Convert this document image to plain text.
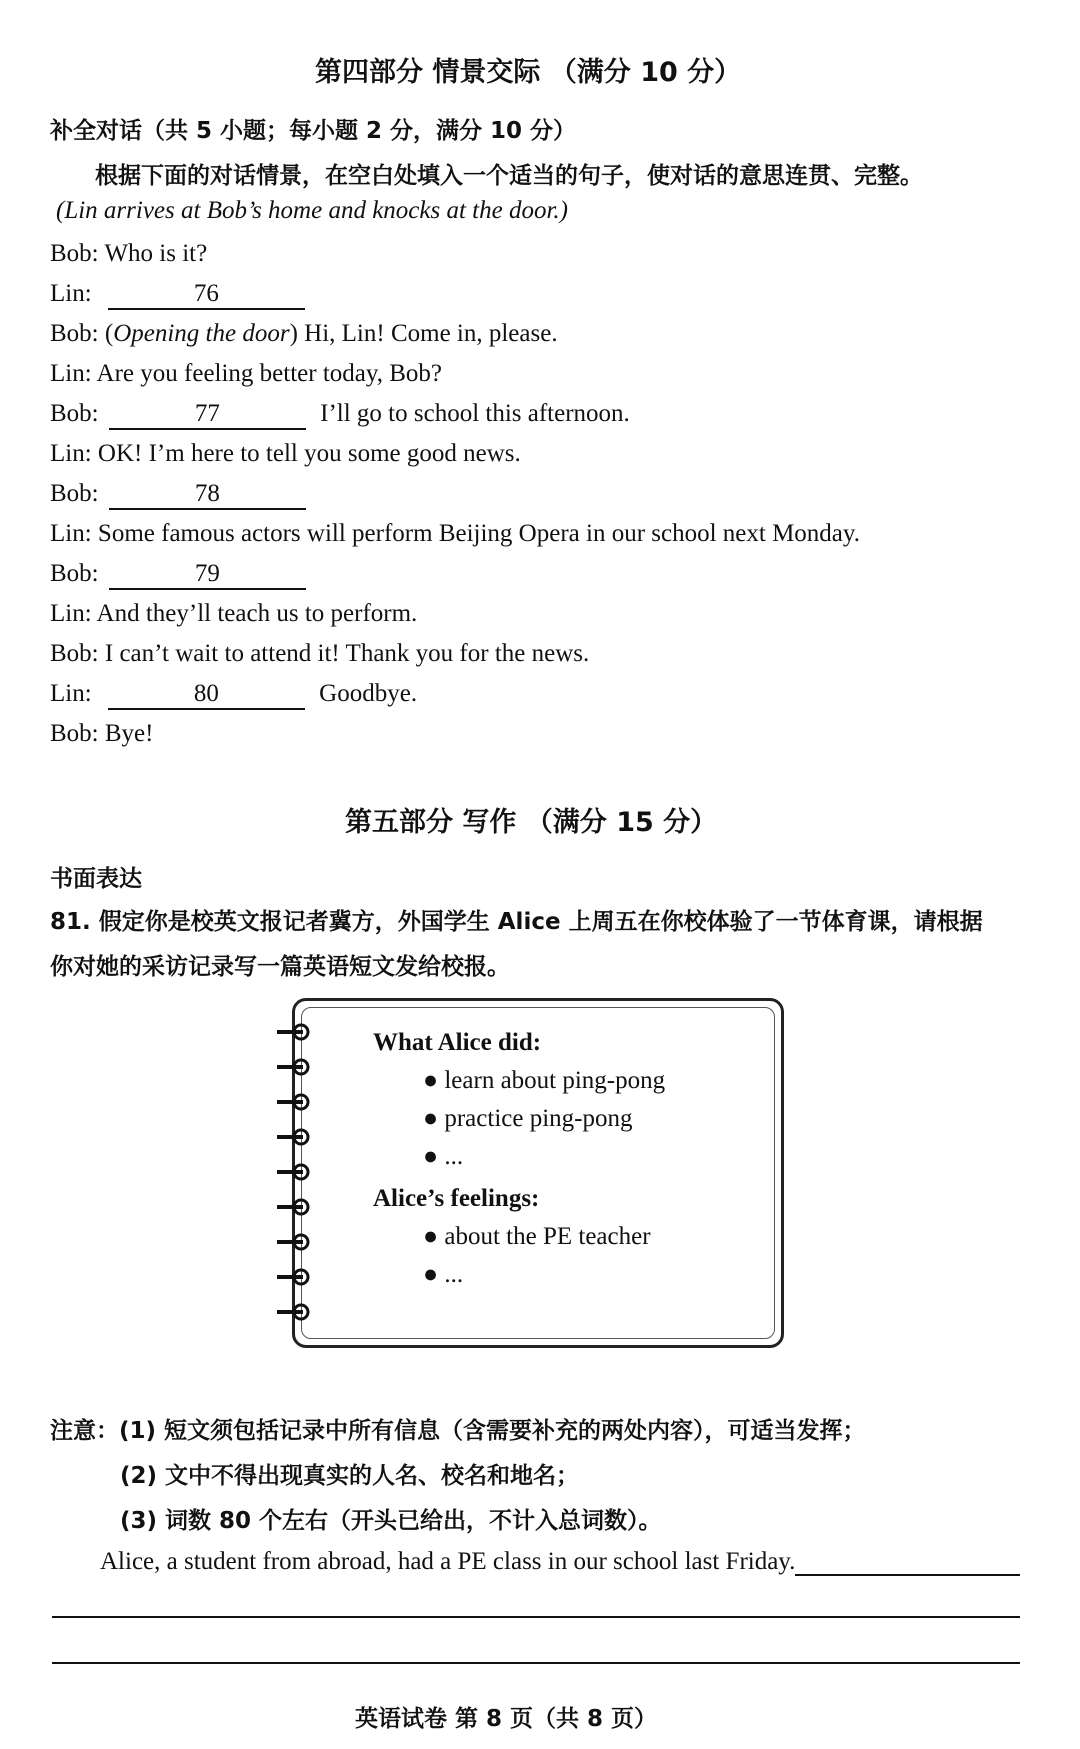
第四部分 情景交际 （满分 10 分）
补全对话（共 5 小题；每小题 2 分，满分 10 分）
根据下面的对话情景，在空白处填入一个适当的句子，使对话的意思连贯、完整。
(Lin arrives at Bob’s home and knocks at the door.)
Bob: Who is it?
Lin:	76
Bob: (Opening the door) Hi, Lin! Come in, please.
Lin: Are you feeling better today, Bob?
Bob:	77	I’ll go to school this afternoon.
Lin: OK! I’m here to tell you some good news.
Bob:	78
Lin: Some famous actors will perform Beijing Opera in our school next Monday.
Bob:	79
Lin: And they’ll teach us to perform.
Bob: I can’t wait to attend it! Thank you for the news.
Lin:	80	Goodbye.
Bob: Bye!
第五部分 写作 （满分 15 分）
书面表达
81. 假定你是校英文报记者冀方，外国学生 Alice 上周五在你校体验了一节体育课，请根据
你对她的采访记录写一篇英语短文发给校报。
What Alice did:
● learn about ping-pong
● practice ping-pong
● ...
Alice’s feelings:
● about the PE teacher
● ...
注意：(1) 短文须包括记录中所有信息（含需要补充的两处内容），可适当发挥；
(2) 文中不得出现真实的人名、校名和地名；
(3) 词数 80 个左右（开头已给出，不计入总词数）。
Alice, a student from abroad, had a PE class in our school last Friday.
英语试卷 第 8 页（共 8 页）
